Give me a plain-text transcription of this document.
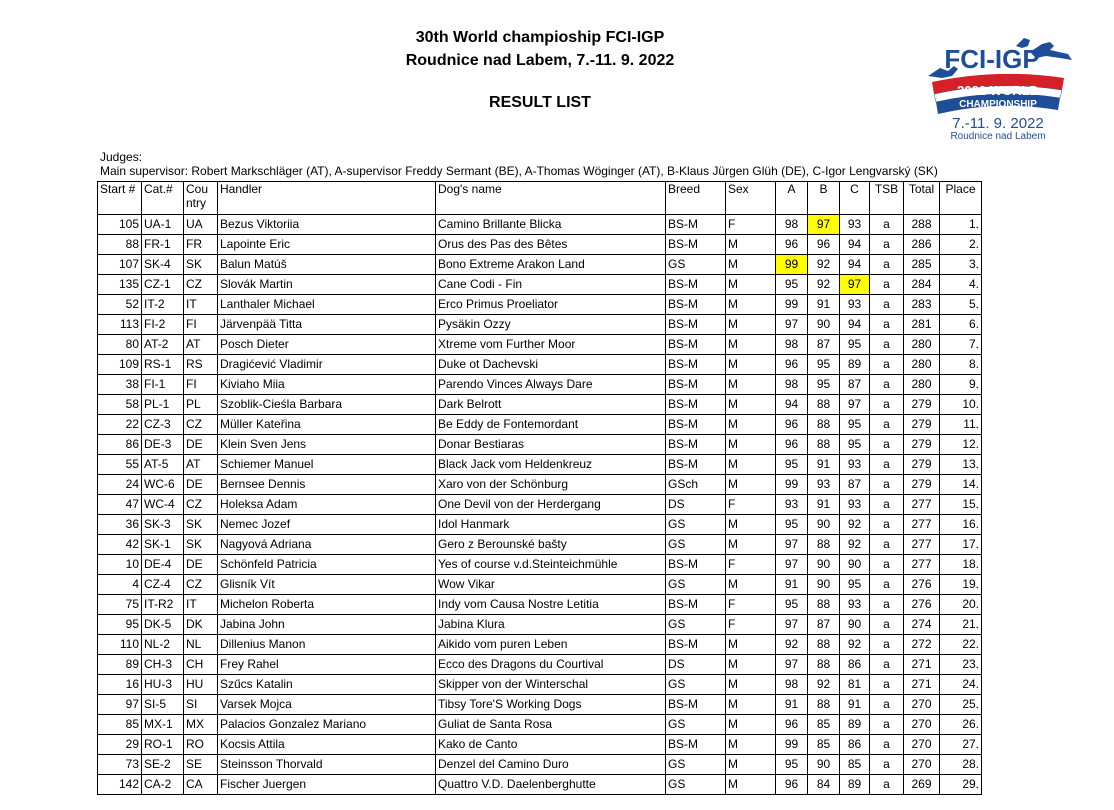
30th World champioship FCI-IGP
Roudnice nad Labem, 7.-11. 9. 2022
RESULT LIST
FCI-IGP
2022 WORLD
CHAMPIONSHIP
7.-11. 9. 2022
Roudnice nad Labem
Judges:
Main supervisor: Robert Markschläger (AT), A-supervisor Freddy Sermant (BE), A-Thomas Wöginger (AT), B-Klaus Jürgen Glüh (DE), C-Igor Lengvarský (SK)
Start #	Cat.#	Cou ntry	Handler	Dog's name	Breed	Sex	A	B	C	TSB	Total	Place
105	UA-1	UA	Bezus Viktoriia	Camino Brillante Blicka	BS-M	F	98	97	93	a	288	1.
88	FR-1	FR	Lapointe Eric	Orus des Pas des Bêtes	BS-M	M	96	96	94	a	286	2.
107	SK-4	SK	Balun Matúš	Bono Extreme Arakon Land	GS	M	99	92	94	a	285	3.
135	CZ-1	CZ	Slovák Martin	Cane Codi - Fin	BS-M	M	95	92	97	a	284	4.
52	IT-2	IT	Lanthaler Michael	Erco Primus Proeliator	BS-M	M	99	91	93	a	283	5.
113	FI-2	FI	Järvenpää Titta	Pysäkin Ozzy	BS-M	M	97	90	94	a	281	6.
80	AT-2	AT	Posch Dieter	Xtreme vom Further Moor	BS-M	M	98	87	95	a	280	7.
109	RS-1	RS	Dragićević Vladimir	Duke ot Dachevski	BS-M	M	96	95	89	a	280	8.
38	FI-1	FI	Kiviaho Miia	Parendo Vinces Always Dare	BS-M	M	98	95	87	a	280	9.
58	PL-1	PL	Szoblik-Cieśla Barbara	Dark Belrott	BS-M	M	94	88	97	a	279	10.
22	CZ-3	CZ	Müller Kateřina	Be Eddy de Fontemordant	BS-M	M	96	88	95	a	279	11.
86	DE-3	DE	Klein Sven Jens	Donar Bestiaras	BS-M	M	96	88	95	a	279	12.
55	AT-5	AT	Schiemer Manuel	Black Jack vom Heldenkreuz	BS-M	M	95	91	93	a	279	13.
24	WC-6	DE	Bernsee Dennis	Xaro von der Schönburg	GSch	M	99	93	87	a	279	14.
47	WC-4	CZ	Holeksa Adam	One Devil von der Herdergang	DS	F	93	91	93	a	277	15.
36	SK-3	SK	Nemec Jozef	Idol Hanmark	GS	M	95	90	92	a	277	16.
42	SK-1	SK	Nagyová Adriana	Gero z Berounské bašty	GS	M	97	88	92	a	277	17.
10	DE-4	DE	Schönfeld Patricia	Yes of course v.d.Steinteichmühle	BS-M	F	97	90	90	a	277	18.
4	CZ-4	CZ	Glisník Vít	Wow Vikar	GS	M	91	90	95	a	276	19.
75	IT-R2	IT	Michelon Roberta	Indy vom Causa Nostre Letitia	BS-M	F	95	88	93	a	276	20.
95	DK-5	DK	Jabina John	Jabina Klura	GS	F	97	87	90	a	274	21.
110	NL-2	NL	Dillenius Manon	Aikido vom puren Leben	BS-M	M	92	88	92	a	272	22.
89	CH-3	CH	Frey Rahel	Ecco des Dragons du Courtival	DS	M	97	88	86	a	271	23.
16	HU-3	HU	Szűcs Katalin	Skipper von der Winterschal	GS	M	98	92	81	a	271	24.
97	SI-5	SI	Varsek Mojca	Tibsy Tore'S Working Dogs	BS-M	M	91	88	91	a	270	25.
85	MX-1	MX	Palacios Gonzalez Mariano	Guliat de Santa Rosa	GS	M	96	85	89	a	270	26.
29	RO-1	RO	Kocsis Attila	Kako de Canto	BS-M	M	99	85	86	a	270	27.
73	SE-2	SE	Steinsson Thorvald	Denzel del Camino Duro	GS	M	95	90	85	a	270	28.
142	CA-2	CA	Fischer Juergen	Quattro V.D. Daelenberghutte	GS	M	96	84	89	a	269	29.
